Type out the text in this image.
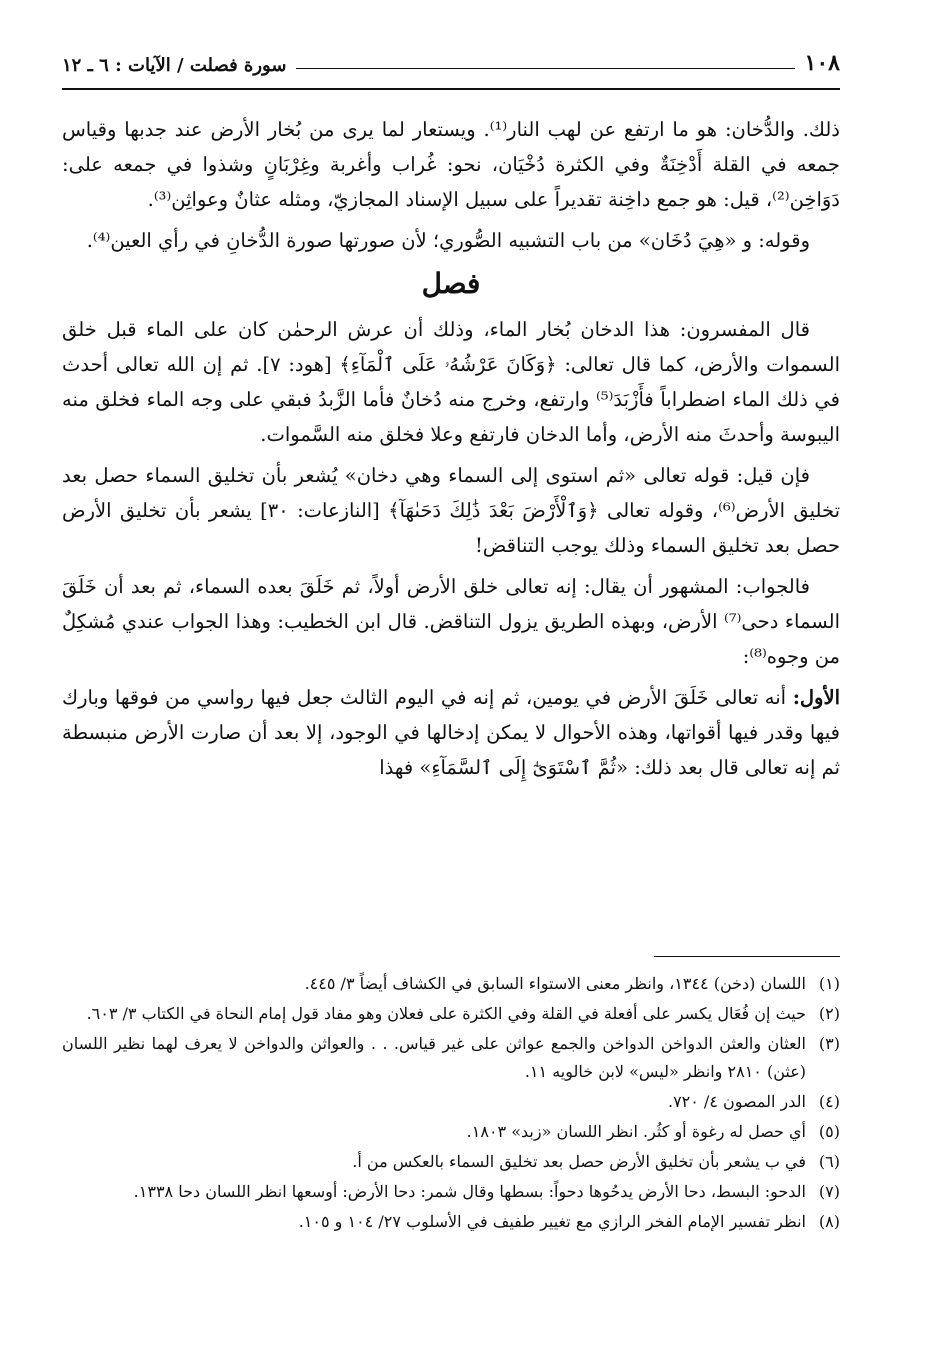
١٠٨
سورة فصلت / الآيات : ٦ ـ ١٢

ذلك. والدُّخان: هو ما ارتفع عن لهب النار⁽¹⁾. ويستعار لما يرى من بُخار الأرض عند جدبها وقياس جمعه في القلة أَدْخِنَةٌ وفي الكثرة دُخْيَان، نحو: غُراب وأغربة وغِرْبَانٍ وشذوا في جمعه على: دَوَاخِن⁽²⁾، قيل: هو جمع داخِنة تقديراً على سبيل الإسناد المجازيّ، ومثله عثانٌ وعواثِن⁽³⁾.

وقوله: و «هِيَ دُخَان» من باب التشبيه الصُّوري؛ لأن صورتها صورة الدُّخانِ في رأي العين⁽⁴⁾.

فصل

قال المفسرون: هذا الدخان بُخار الماء، وذلك أن عرش الرحمٰن كان على الماء قبل خلق السموات والأرض، كما قال تعالى: ﴿وَكَانَ عَرْشُهُۥ عَلَى ٱلْمَآءِ﴾ [هود: ٧]. ثم إن الله تعالى أحدث في ذلك الماء اضطراباً فأَزْبَدَ⁽⁵⁾ وارتفع، وخرج منه دُخانٌ فأما الزَّبدُ فبقي على وجه الماء فخلق منه اليبوسة وأحدثَ منه الأرض، وأما الدخان فارتفع وعلا فخلق منه السَّموات.

فإن قيل: قوله تعالى «ثم استوى إلى السماء وهي دخان» يُشعر بأن تخليق السماء حصل بعد تخليق الأرض⁽⁶⁾، وقوله تعالى ﴿وَٱلْأَرْضَ بَعْدَ ذَٰلِكَ دَحَىٰهَآ﴾ [النازعات: ٣٠] يشعر بأن تخليق الأرض حصل بعد تخليق السماء وذلك يوجب التناقض!

فالجواب: المشهور أن يقال: إنه تعالى خلق الأرض أولاً، ثم خَلَقَ بعده السماء، ثم بعد أن خَلَقَ السماء دحى⁽⁷⁾ الأرض، وبهذه الطريق يزول التناقض. قال ابن الخطيب: وهذا الجواب عندي مُشكِلٌ من وجوه⁽⁸⁾:

الأول: أنه تعالى خَلَقَ الأرض في يومين، ثم إنه في اليوم الثالث جعل فيها رواسي من فوقها وبارك فيها وقدر فيها أقواتها، وهذه الأحوال لا يمكن إدخالها في الوجود، إلا بعد أن صارت الأرض منبسطة ثم إنه تعالى قال بعد ذلك: «ثُمَّ ٱسْتَوَىٰٓ إِلَى ٱلسَّمَآءِ» فهذا

(١)
اللسان (دخن) ١٣٤٤، وانظر معنى الاستواء السابق في الكشاف أيضاً ٣/ ٤٤٥.
(٢)
حيث إن فُعَال يكسر على أفعلة في القلة وفي الكثرة على فعلان وهو مفاد قول إمام النحاة في الكتاب ٣/ ٦٠٣.
(٣)
العثان والعثن الدواخن الدواخن والجمع عواثن على غير قياس. . . والعواثن والدواخن لا يعرف لهما نظير اللسان (عثن) ٢٨١٠ وانظر «ليس» لابن خالويه ١١.
(٤)
الدر المصون ٤/ ٧٢٠.
(٥)
أي حصل له رغوة أو كثُر. انظر اللسان «زبد» ١٨٠٣.
(٦)
في ب يشعر بأن تخليق الأرض حصل بعد تخليق السماء بالعكس من أ.
(٧)
الدحو: البسط، دحا الأرض يدحُوها دحواً: بسطها وقال شمر: دحا الأرض: أوسعها انظر اللسان دحا ١٣٣٨.
(٨)
انظر تفسير الإمام الفخر الرازي مع تغيير طفيف في الأسلوب ٢٧/ ١٠٤ و ١٠٥.
